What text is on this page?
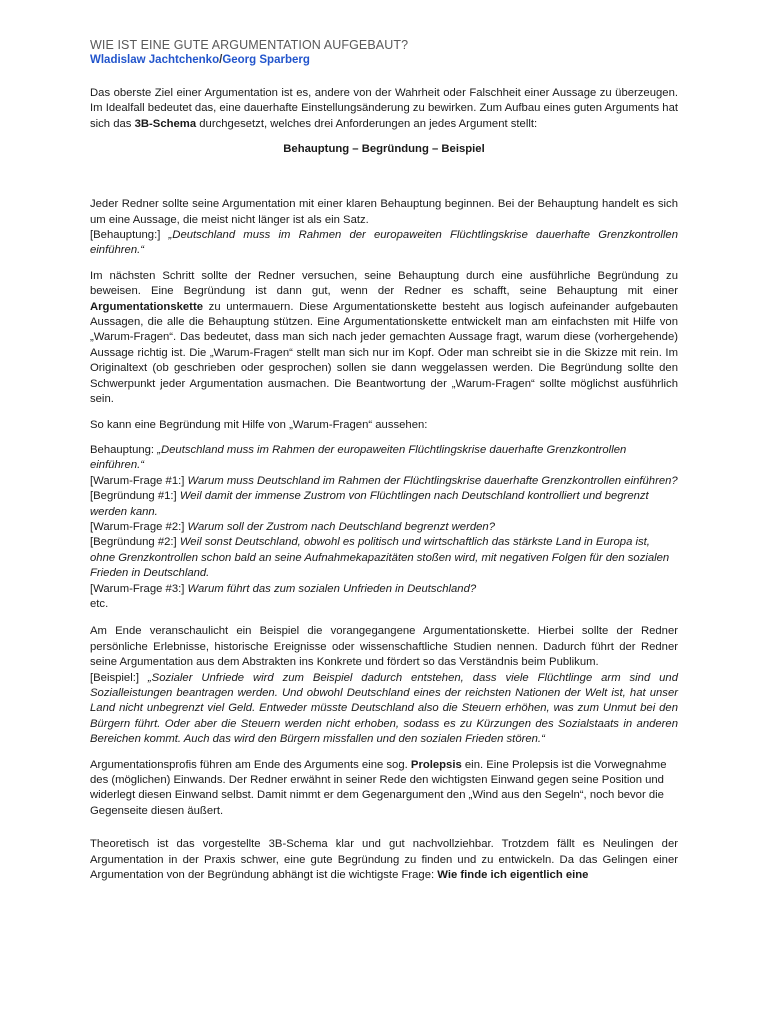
WIE IST EINE GUTE ARGUMENTATION AUFGEBAUT?
Wladislaw Jachtchenko/Georg Sparberg

Das oberste Ziel einer Argumentation ist es, andere von der Wahrheit oder Falschheit einer Aussage zu überzeugen. Im Idealfall bedeutet das, eine dauerhafte Einstellungsänderung zu bewirken. Zum Aufbau eines guten Arguments hat sich das 3B-Schema durchgesetzt, welches drei Anforderungen an jedes Argument stellt:

Behauptung – Begründung – Beispiel

Jeder Redner sollte seine Argumentation mit einer klaren Behauptung beginnen. Bei der Behauptung handelt es sich um eine Aussage, die meist nicht länger ist als ein Satz.

[Behauptung:] „Deutschland muss im Rahmen der europaweiten Flüchtlingskrise dauerhafte Grenzkontrollen einführen.“

Im nächsten Schritt sollte der Redner versuchen, seine Behauptung durch eine ausführliche Begründung zu beweisen. Eine Begründung ist dann gut, wenn der Redner es schafft, seine Behauptung mit einer Argumentationskette zu untermauern. Diese Argumentationskette besteht aus logisch aufeinander aufgebauten Aussagen, die alle die Behauptung stützen. Eine Argumentationskette entwickelt man am einfachsten mit Hilfe von „Warum-Fragen“. Das bedeutet, dass man sich nach jeder gemachten Aussage fragt, warum diese (vorhergehende) Aussage richtig ist. Die „Warum-Fragen“ stellt man sich nur im Kopf. Oder man schreibt sie in die Skizze mit rein. Im Originaltext (ob geschrieben oder gesprochen) sollen sie dann weggelassen werden. Die Begründung sollte den Schwerpunkt jeder Argumentation ausmachen. Die Beantwortung der „Warum-Fragen“ sollte möglichst ausführlich sein.

So kann eine Begründung mit Hilfe von „Warum-Fragen“ aussehen:

Behauptung: „Deutschland muss im Rahmen der europaweiten Flüchtlingskrise dauerhafte Grenzkontrollen einführen.“

[Warum-Frage #1:] Warum muss Deutschland im Rahmen der Flüchtlingskrise dauerhafte Grenzkontrollen einführen?

[Begründung #1:] Weil damit der immense Zustrom von Flüchtlingen nach Deutschland kontrolliert und begrenzt werden kann.

[Warum-Frage #2:] Warum soll der Zustrom nach Deutschland begrenzt werden?

[Begründung #2:] Weil sonst Deutschland, obwohl es politisch und wirtschaftlich das stärkste Land in Europa ist, ohne Grenzkontrollen schon bald an seine Aufnahmekapazitäten stoßen wird, mit negativen Folgen für den sozialen Frieden in Deutschland.

[Warum-Frage #3:] Warum führt das zum sozialen Unfrieden in Deutschland?

etc.

Am Ende veranschaulicht ein Beispiel die vorangegangene Argumentationskette. Hierbei sollte der Redner persönliche Erlebnisse, historische Ereignisse oder wissenschaftliche Studien nennen. Dadurch führt der Redner seine Argumentation aus dem Abstrakten ins Konkrete und fördert so das Verständnis beim Publikum.

[Beispiel:] „Sozialer Unfriede wird zum Beispiel dadurch entstehen, dass viele Flüchtlinge arm sind und Sozialleistungen beantragen werden. Und obwohl Deutschland eines der reichsten Nationen der Welt ist, hat unser Land nicht unbegrenzt viel Geld. Entweder müsste Deutschland also die Steuern erhöhen, was zum Unmut bei den Bürgern führt. Oder aber die Steuern werden nicht erhoben, sodass es zu Kürzungen des Sozialstaats in anderen Bereichen kommt. Auch das wird den Bürgern missfallen und den sozialen Frieden stören.“

Argumentationsprofis führen am Ende des Arguments eine sog. Prolepsis ein. Eine Prolepsis ist die Vorwegnahme des (möglichen) Einwands. Der Redner erwähnt in seiner Rede den wichtigsten Einwand gegen seine Position und widerlegt diesen Einwand selbst. Damit nimmt er dem Gegenargument den „Wind aus den Segeln“, noch bevor die Gegenseite diesen äußert.

Theoretisch ist das vorgestellte 3B-Schema klar und gut nachvollziehbar. Trotzdem fällt es Neulingen der Argumentation in der Praxis schwer, eine gute Begründung zu finden und zu entwickeln. Da das Gelingen einer Argumentation von der Begründung abhängt ist die wichtigste Frage: Wie finde ich eigentlich eine
